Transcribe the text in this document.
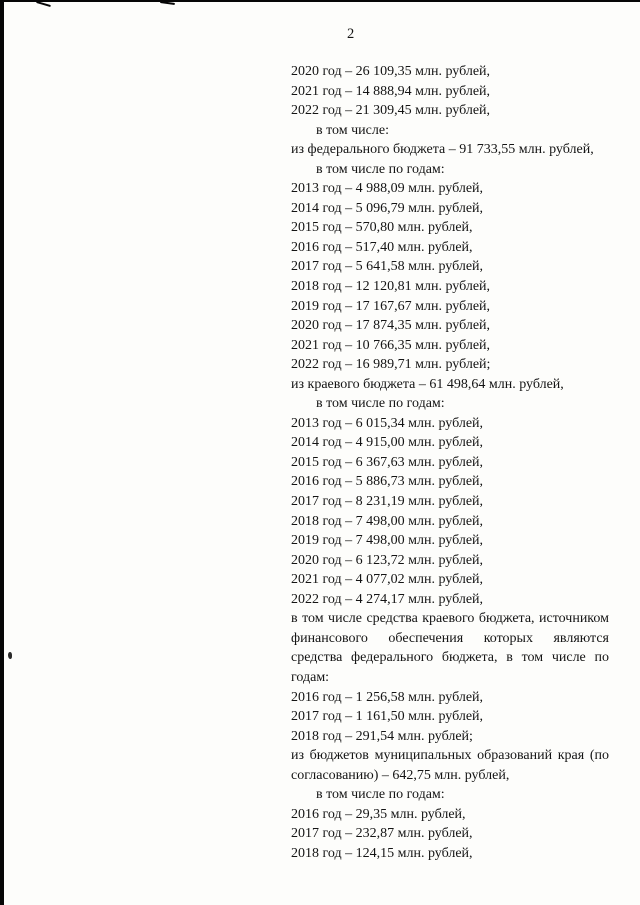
2
2020 год – 26 109,35 млн. рублей,
2021 год – 14 888,94 млн. рублей,
2022 год – 21 309,45 млн. рублей,
в том числе:
из федерального бюджета – 91 733,55 млн. рублей,
в том числе по годам:
2013 год – 4 988,09 млн. рублей,
2014 год – 5 096,79 млн. рублей,
2015 год – 570,80 млн. рублей,
2016 год – 517,40 млн. рублей,
2017 год – 5 641,58 млн. рублей,
2018 год – 12 120,81 млн. рублей,
2019 год – 17 167,67 млн. рублей,
2020 год – 17 874,35 млн. рублей,
2021 год – 10 766,35 млн. рублей,
2022 год – 16 989,71 млн. рублей;
из краевого бюджета – 61 498,64 млн. рублей,
в том числе по годам:
2013 год – 6 015,34 млн. рублей,
2014 год – 4 915,00 млн. рублей,
2015 год – 6 367,63 млн. рублей,
2016 год – 5 886,73 млн. рублей,
2017 год – 8 231,19 млн. рублей,
2018 год – 7 498,00 млн. рублей,
2019 год – 7 498,00 млн. рублей,
2020 год – 6 123,72 млн. рублей,
2021 год – 4 077,02 млн. рублей,
2022 год – 4 274,17 млн. рублей,
в том числе средства краевого бюджета, источником финансового обеспечения которых являются средства федерального бюджета, в том числе по годам:
2016 год – 1 256,58 млн. рублей,
2017 год – 1 161,50 млн. рублей,
2018 год – 291,54 млн. рублей;
из бюджетов муниципальных образований края (по согласованию) – 642,75 млн. рублей,
в том числе по годам:
2016 год – 29,35 млн. рублей,
2017 год – 232,87 млн. рублей,
2018 год – 124,15 млн. рублей,
